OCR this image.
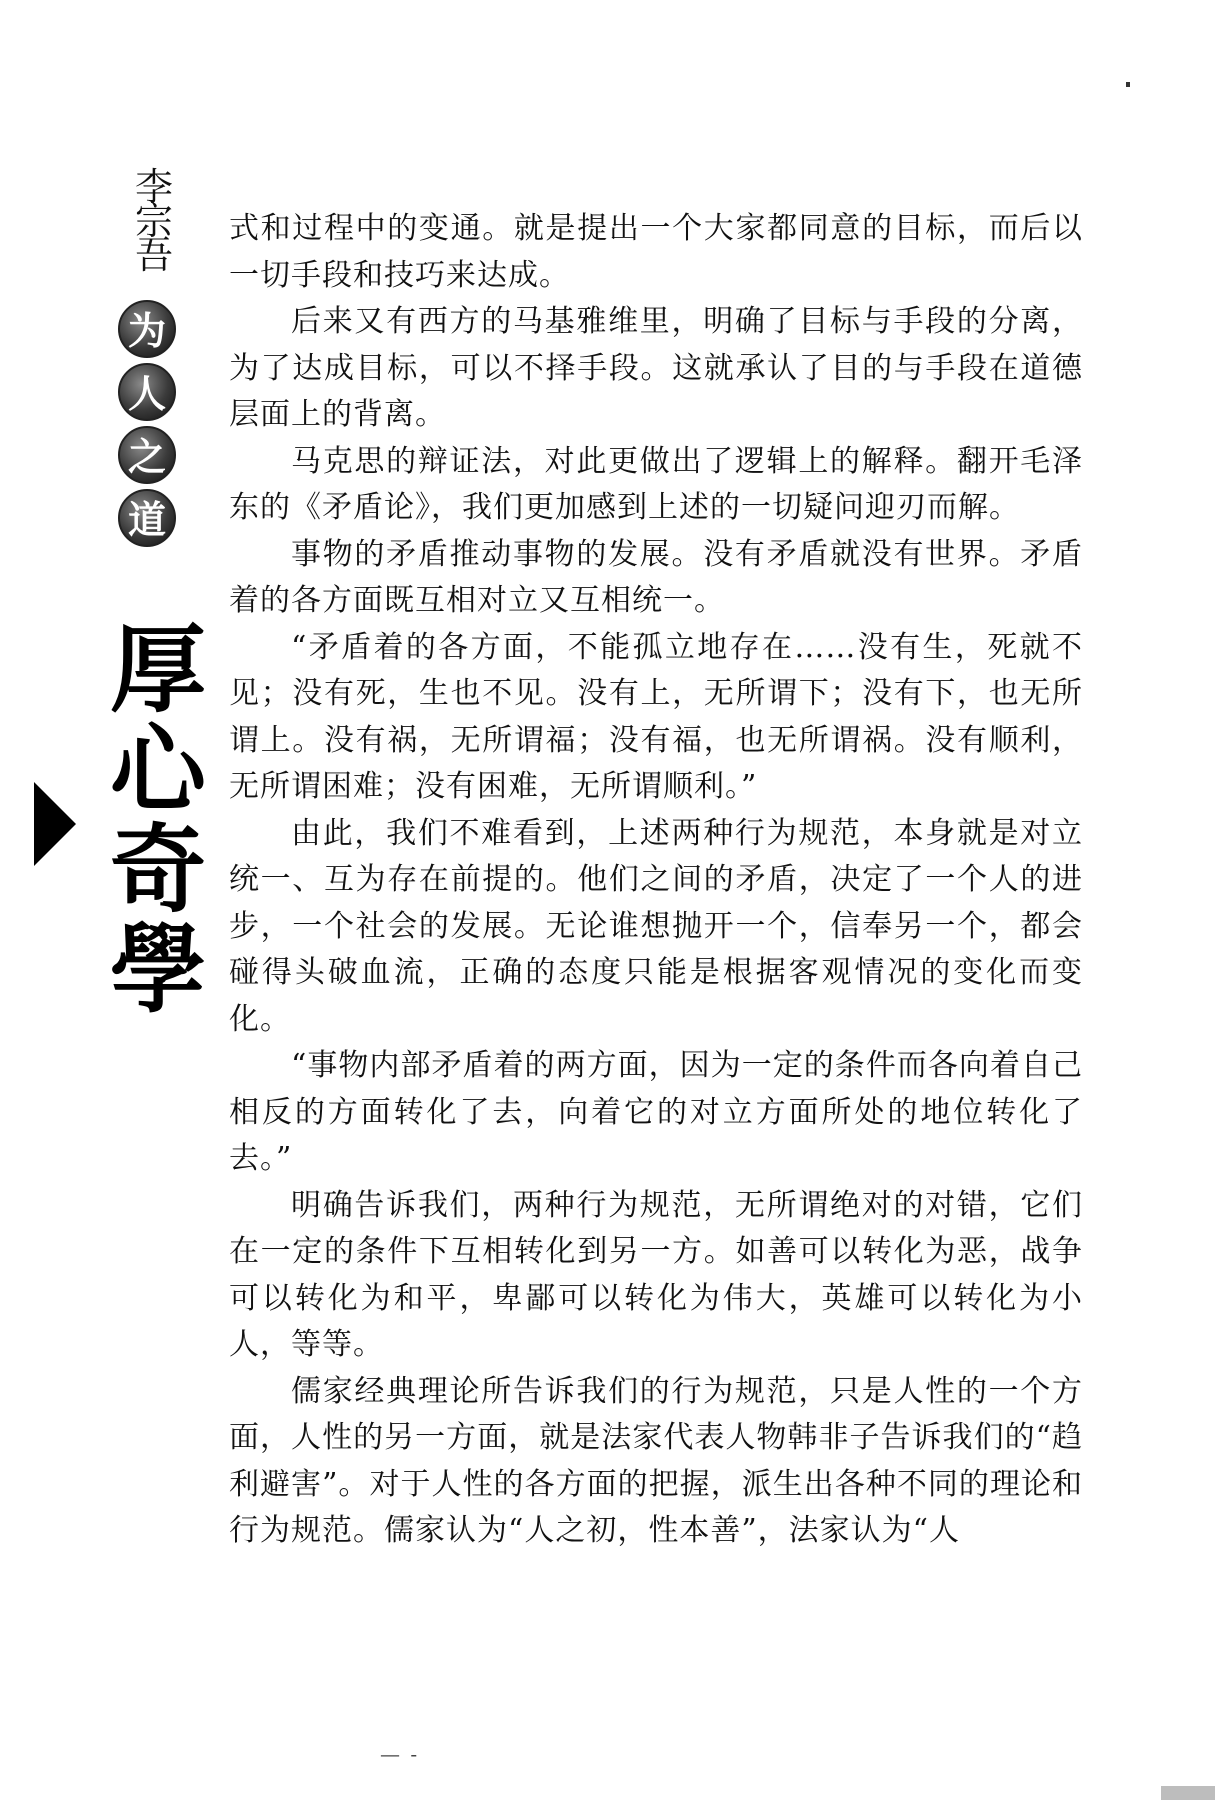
李
宗
吾
为
人
之
道
厚
心
奇
學

式和过程中的变通。就是提出一个大家都同意的目标，而后以一切手段和技巧来达成。

后来又有西方的马基雅维里，明确了目标与手段的分离，为了达成目标，可以不择手段。这就承认了目的与手段在道德层面上的背离。

马克思的辩证法，对此更做出了逻辑上的解释。翻开毛泽东的《矛盾论》，我们更加感到上述的一切疑问迎刃而解。

事物的矛盾推动事物的发展。没有矛盾就没有世界。矛盾着的各方面既互相对立又互相统一。

“矛盾着的各方面，不能孤立地存在……没有生，死就不见；没有死，生也不见。没有上，无所谓下；没有下，也无所谓上。没有祸，无所谓福；没有福，也无所谓祸。没有顺利，无所谓困难；没有困难，无所谓顺利。”

由此，我们不难看到，上述两种行为规范，本身就是对立统一、互为存在前提的。他们之间的矛盾，决定了一个人的进步，一个社会的发展。无论谁想抛开一个，信奉另一个，都会碰得头破血流，正确的态度只能是根据客观情况的变化而变化。

“事物内部矛盾着的两方面，因为一定的条件而各向着自己相反的方面转化了去，向着它的对立方面所处的地位转化了去。”

明确告诉我们，两种行为规范，无所谓绝对的对错，它们在一定的条件下互相转化到另一方。如善可以转化为恶，战争可以转化为和平，卑鄙可以转化为伟大，英雄可以转化为小人，等等。

儒家经典理论所告诉我们的行为规范，只是人性的一个方面，人性的另一方面，就是法家代表人物韩非子告诉我们的“趋利避害”。对于人性的各方面的把握，派生出各种不同的理论和行为规范。儒家认为“人之初，性本善”，法家认为“人

— -
